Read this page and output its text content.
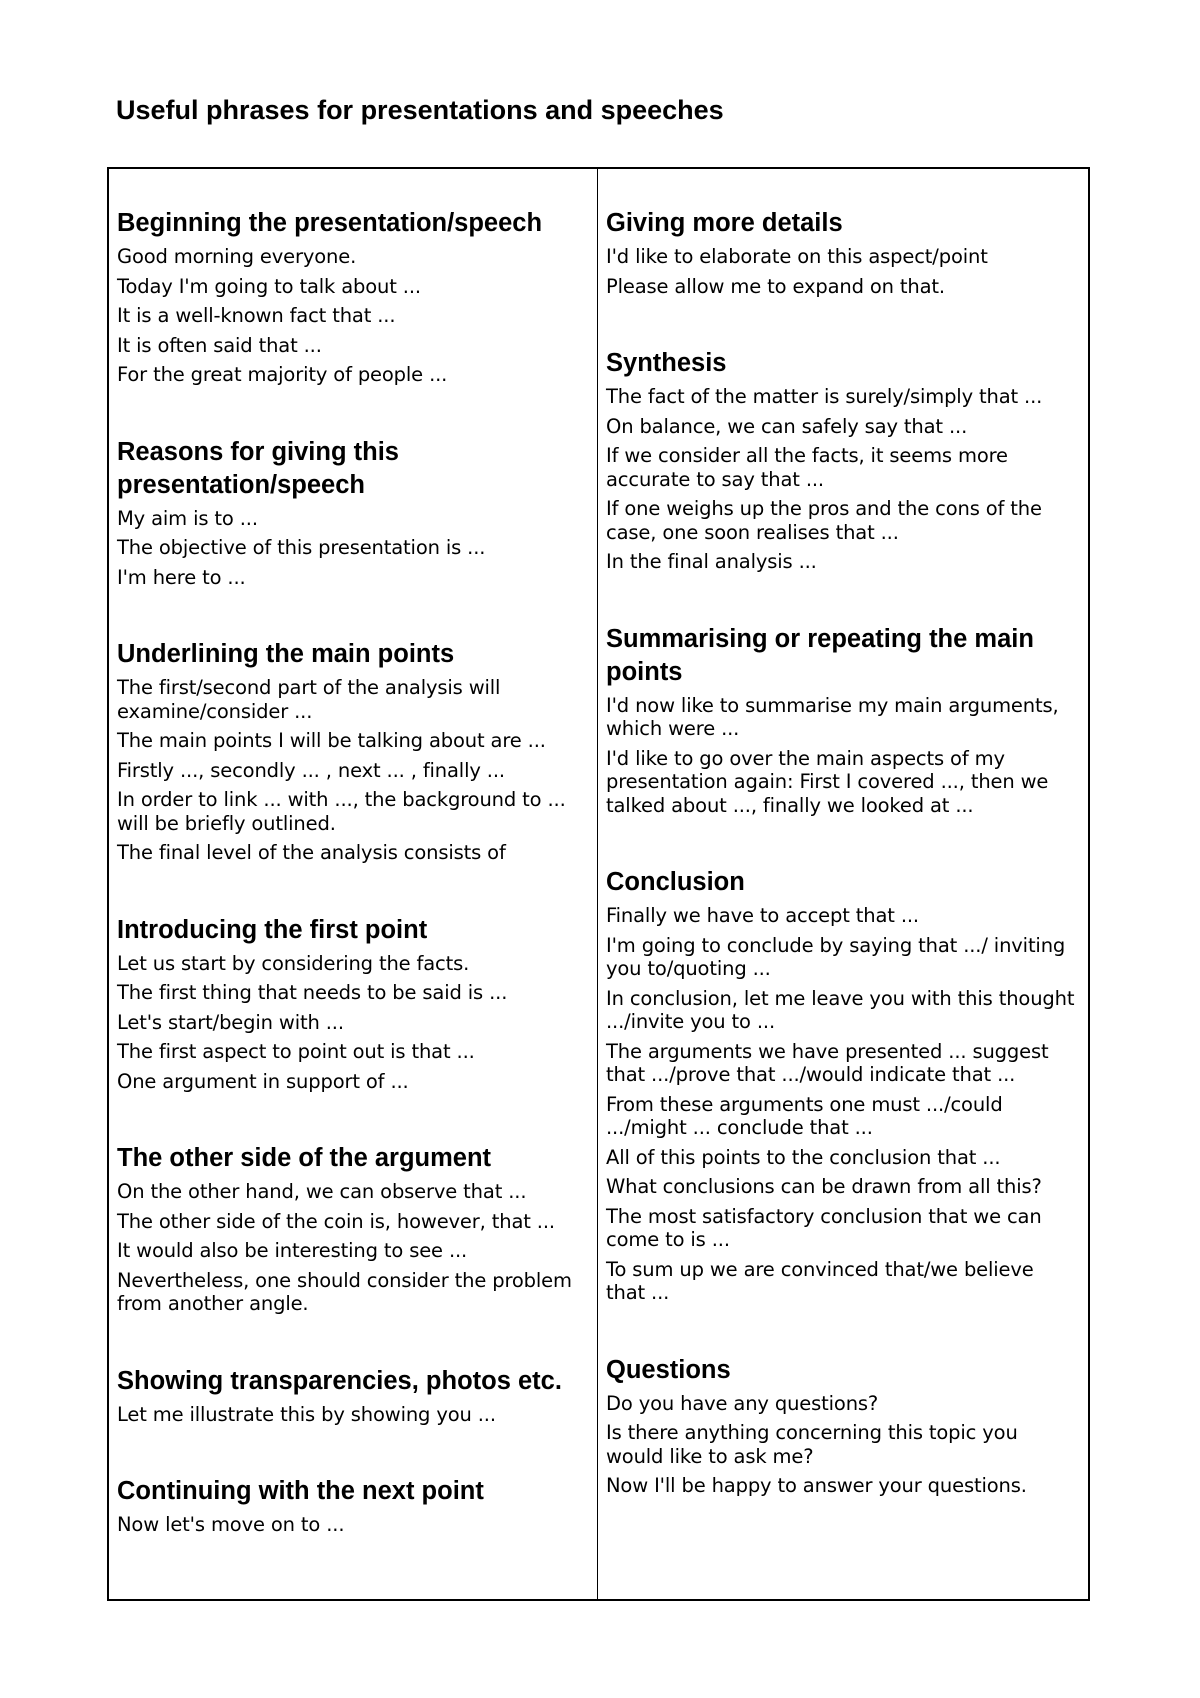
Useful phrases for presentations and speeches
Beginning the presentation/speech

Good morning everyone.

Today I'm going to talk about ...

It is a well-known fact that ...

It is often said that ...

For the great majority of people ...

Reasons for giving this presentation/speech

My aim is to ...

The objective of this presentation is ...

I'm here to ...

Underlining the main points

The first/second part of the analysis will examine/consider ...

The main points I will be talking about are ...

Firstly ..., secondly ... , next ... , finally ...

In order to link ... with ..., the background to ... will be briefly outlined.

The final level of the analysis consists of

Introducing the first point

Let us start by considering the facts.

The first thing that needs to be said is ...

Let's start/begin with ...

The first aspect to point out is that ...

One argument in support of ...

The other side of the argument

On the other hand, we can observe that ...

The other side of the coin is, however, that ...

It would also be interesting to see ...

Nevertheless, one should consider the problem from another angle.

Showing transparencies, photos etc.

Let me illustrate this by showing you ...

Continuing with the next point

Now let's move on to ...

Giving more details

I'd like to elaborate on this aspect/point

Please allow me to expand on that.

Synthesis

The fact of the matter is surely/simply that ...

On balance, we can safely say that ...

If we consider all the facts, it seems more accurate to say that ...

If one weighs up the pros and the cons of the case, one soon realises that ...

In the final analysis ...

Summarising or repeating the main points

I'd now like to summarise my main arguments, which were ...

I'd like to go over the main aspects of my presentation again: First I covered ..., then we talked about ..., finally we looked at ...

Conclusion

Finally we have to accept that ...

I'm going to conclude by saying that .../ inviting you to/quoting ...

In conclusion, let me leave you with this thought .../invite you to ...

The arguments we have presented ... suggest that .../prove that .../would indicate that ...

From these arguments one must .../could .../might ... conclude that ...

All of this points to the conclusion that ...

What conclusions can be drawn from all this?

The most satisfactory conclusion that we can come to is ...

To sum up we are convinced that/we believe that ...

Questions

Do you have any questions?

Is there anything concerning this topic you would like to ask me?

Now I'll be happy to answer your questions.
